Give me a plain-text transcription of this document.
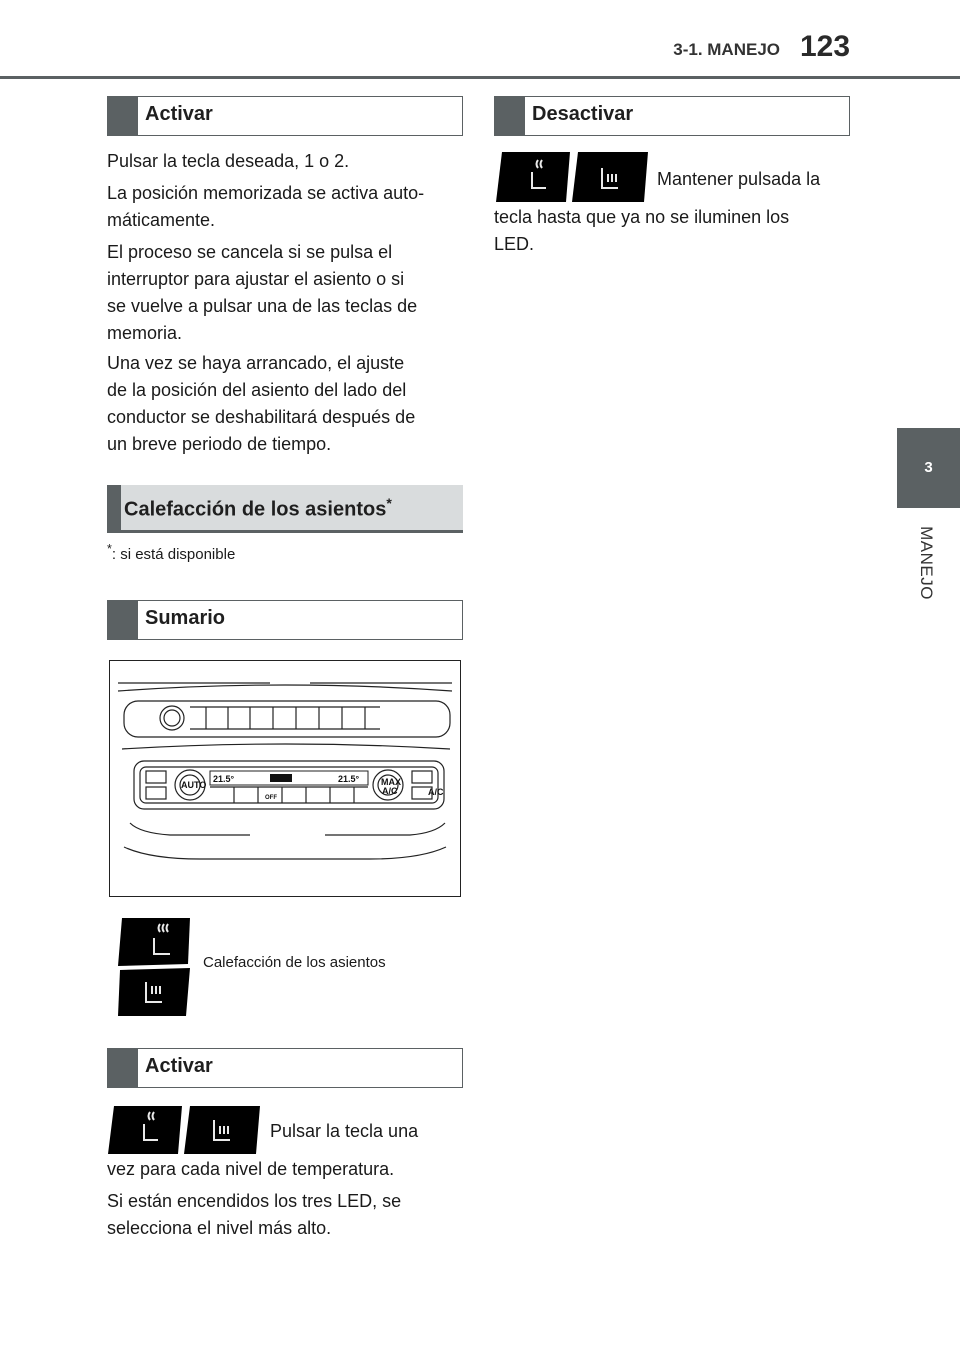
3-1. MANEJO 123
3
MANEJO
Activar
Pulsar la tecla deseada, 1 o 2.
La posición memorizada se activa auto-
máticamente.
El proceso se cancela si se pulsa el
interruptor para ajustar el asiento o si
se vuelve a pulsar una de las teclas de
memoria.
Una vez se haya arrancado, el ajuste
de la posición del asiento del lado del
conductor se deshabilitará después de
un breve periodo de tiempo.
Calefacción de los asientos*
*: si está disponible
Sumario
AUTO	MAX
A/C	A/C
21.5°	21.5°
OFF
Calefacción de los asientos
Activar
Pulsar la tecla una
vez para cada nivel de temperatura.
Si están encendidos los tres LED, se
selecciona el nivel más alto.
Desactivar
Mantener pulsada la
tecla hasta que ya no se iluminen los
LED.
